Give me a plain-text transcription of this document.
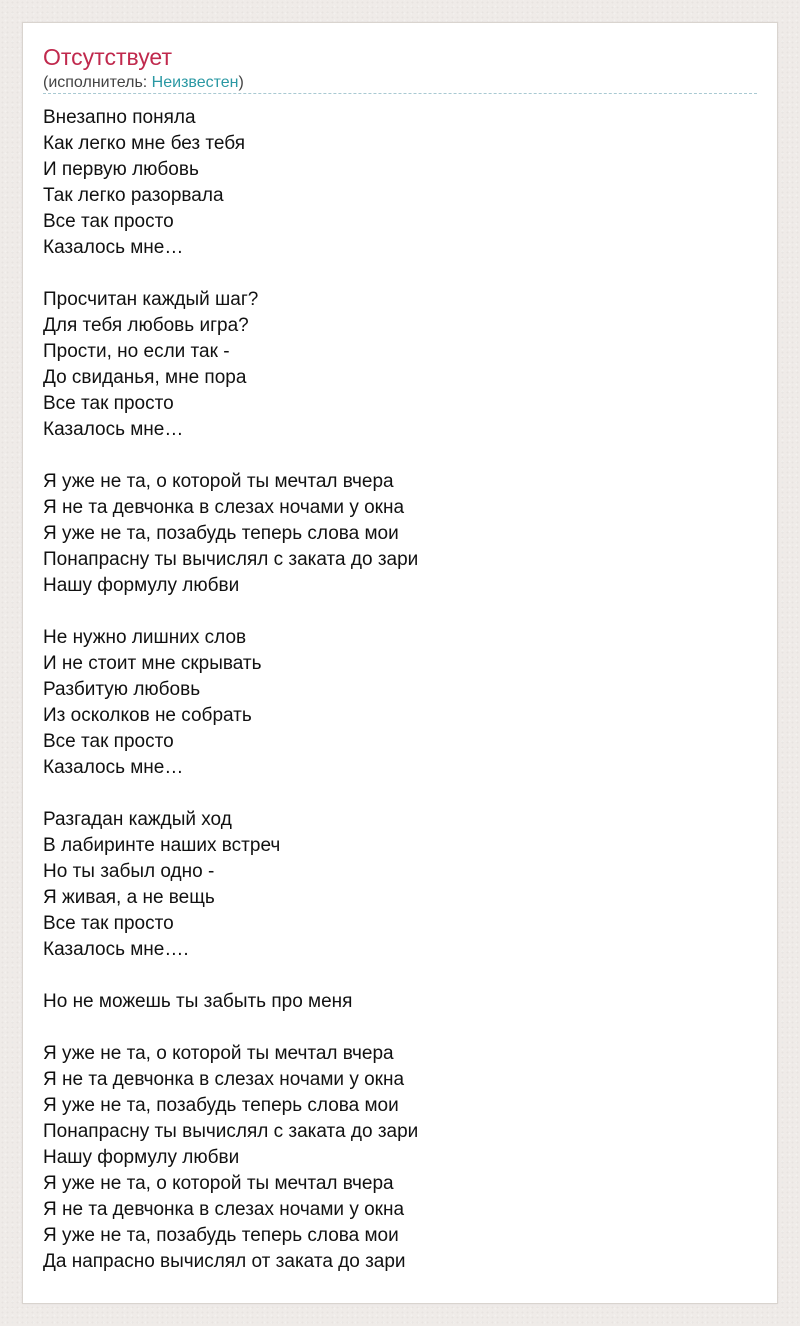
Отсутствует
(исполнитель: Неизвестен)
Внезапно поняла
Как легко мне без тебя
И первую любовь
Так легко разорвала
Все так просто
Казалось мне…
Просчитан каждый шаг?
Для тебя любовь игра?
Прости, но если так -
До свиданья, мне пора
Все так просто
Казалось мне…
Я уже не та, о которой ты мечтал вчера
Я не та девчонка в слезах ночами у окна
Я уже не та, позабудь теперь слова мои
Понапрасну ты вычислял с заката до зари
Нашу формулу любви
Не нужно лишних слов
И не стоит мне скрывать
Разбитую любовь
Из осколков не собрать
Все так просто
Казалось мне…
Разгадан каждый ход
В лабиринте наших встреч
Но ты забыл одно -
Я живая, а не вещь
Все так просто
Казалось мне….
Но не можешь ты забыть про меня
Я уже не та, о которой ты мечтал вчера
Я не та девчонка в слезах ночами у окна
Я уже не та, позабудь теперь слова мои
Понапрасну ты вычислял с заката до зари
Нашу формулу любви
Я уже не та, о которой ты мечтал вчера
Я не та девчонка в слезах ночами у окна
Я уже не та, позабудь теперь слова мои
Да напрасно вычислял от заката до зари
